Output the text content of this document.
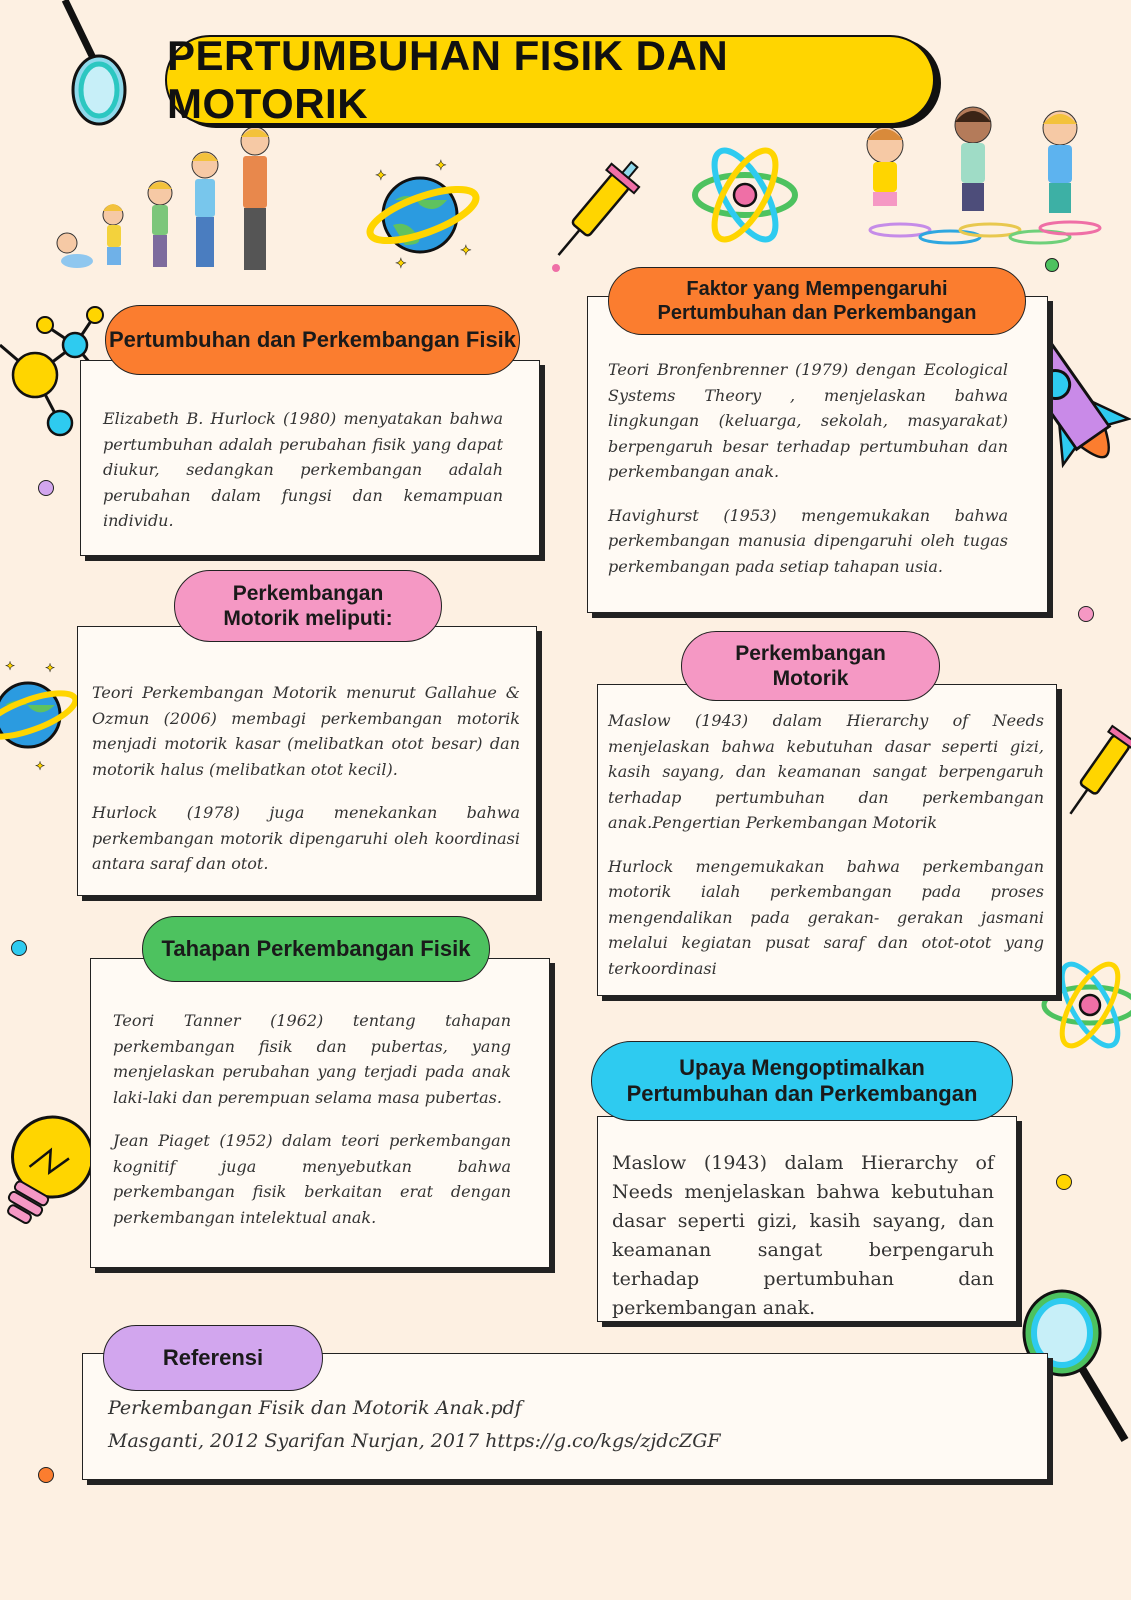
✦
✦
✦
✦
✦ ✦
✦
PERTUMBUHAN FISIK DAN MOTORIK
Pertumbuhan dan Perkembangan Fisik

Elizabeth B. Hurlock (1980) menyatakan bahwa pertumbuhan adalah perubahan fisik yang dapat diukur, sedangkan perkembangan adalah perubahan dalam fungsi dan kemampuan individu.

Faktor yang Mempengaruhi Pertumbuhan dan Perkembangan

Teori Bronfenbrenner (1979) dengan Ecological Systems Theory , menjelaskan bahwa lingkungan (keluarga, sekolah, masyarakat) berpengaruh besar terhadap pertumbuhan dan perkembangan anak.

Havighurst (1953) mengemukakan bahwa perkembangan manusia dipengaruhi oleh tugas perkembangan pada setiap tahapan usia.

Perkembangan Motorik meliputi:

Teori Perkembangan Motorik menurut Gallahue & Ozmun (2006) membagi perkembangan motorik menjadi motorik kasar (melibatkan otot besar) dan motorik halus (melibatkan otot kecil).

Hurlock (1978) juga menekankan bahwa perkembangan motorik dipengaruhi oleh koordinasi antara saraf dan otot.

Perkembangan Motorik

Maslow (1943) dalam Hierarchy of Needs menjelaskan bahwa kebutuhan dasar seperti gizi, kasih sayang, dan keamanan sangat berpengaruh terhadap pertumbuhan dan perkembangan anak.Pengertian Perkembangan Motorik

Hurlock mengemukakan bahwa perkembangan motorik ialah perkembangan pada proses mengendalikan pada gerakan- gerakan jasmani melalui kegiatan pusat saraf dan otot-otot yang terkoordinasi

Tahapan Perkembangan Fisik

Teori Tanner (1962) tentang tahapan perkembangan fisik dan pubertas, yang menjelaskan perubahan yang terjadi pada anak laki-laki dan perempuan selama masa pubertas.

Jean Piaget (1952) dalam teori perkembangan kognitif juga menyebutkan bahwa perkembangan fisik berkaitan erat dengan perkembangan intelektual anak.

Upaya Mengoptimalkan Pertumbuhan dan Perkembangan

Maslow (1943) dalam Hierarchy of Needs menjelaskan bahwa kebutuhan dasar seperti gizi, kasih sayang, dan keamanan sangat berpengaruh terhadap pertumbuhan dan perkembangan anak.

Referensi
Perkembangan Fisik dan Motorik Anak.pdf
Masganti, 2012 Syarifan Nurjan, 2017 https://g.co/kgs/zjdcZGF
